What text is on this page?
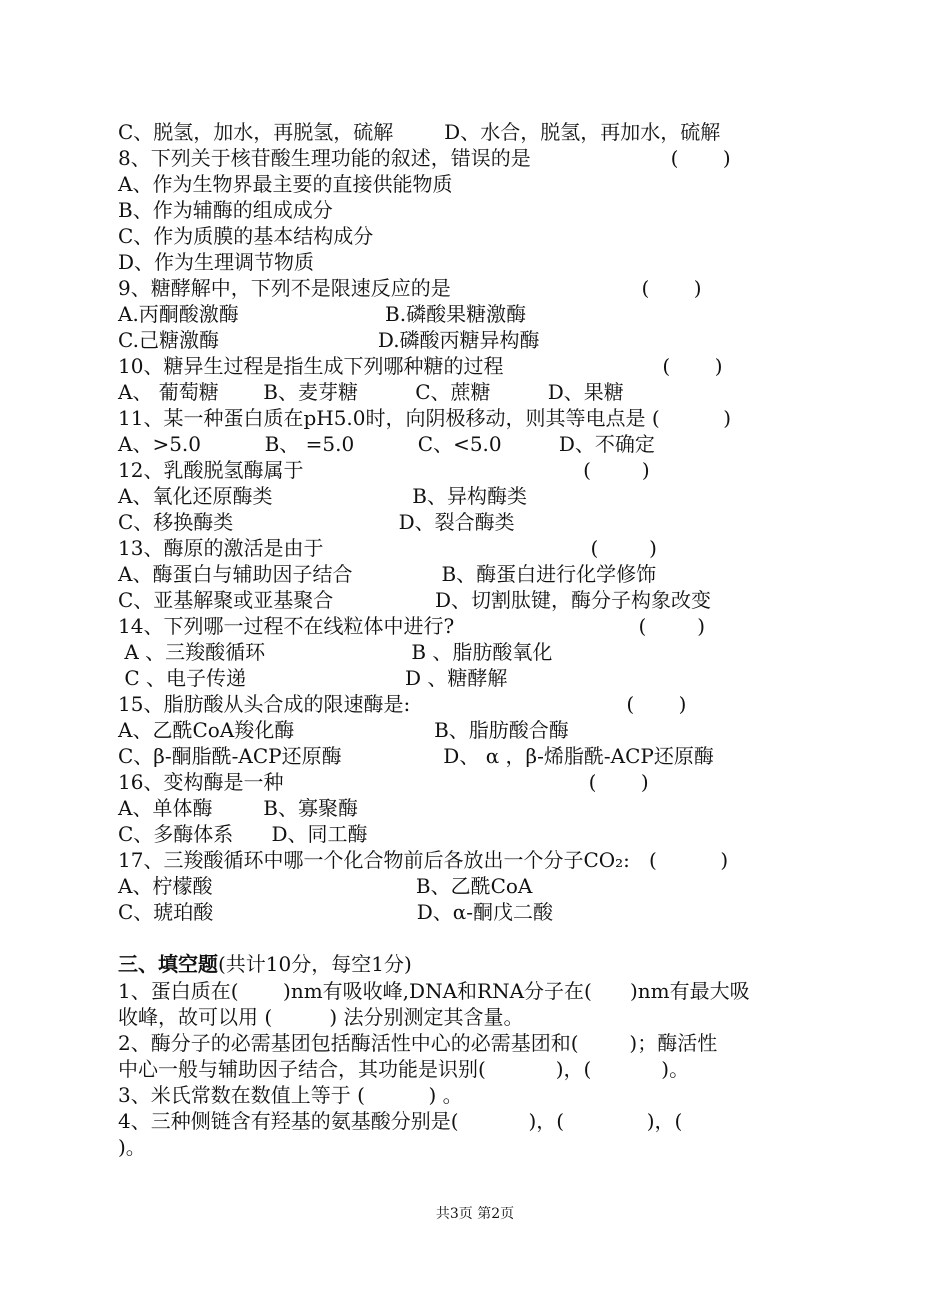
C、脱氢，加水，再脱氢，硫解        D、水合，脱氢，再加水，硫解
8、下列关于核苷酸生理功能的叙述，错误的是                      (       )
A、作为生物界最主要的直接供能物质
B、作为辅酶的组成成分
C、作为质膜的基本结构成分
D、作为生理调节物质
9、糖酵解中，下列不是限速反应的是                              (       )
A.丙酮酸激酶                       B.磷酸果糖激酶
C.己糖激酶                         D.磷酸丙糖异构酶
10、糖异生过程是指生成下列哪种糖的过程                         (       )
A、 葡萄糖       B、麦芽糖         C、蔗糖         D、果糖
11、某一种蛋白质在pH5.0时，向阴极移动，则其等电点是 (          )
A、>5.0          B、 =5.0          C、<5.0         D、不确定
12、乳酸脱氢酶属于                                            (        )
A、氧化还原酶类                      B、异构酶类
C、移换酶类                          D、裂合酶类
13、酶原的激活是由于                                          (        )
A、酶蛋白与辅助因子结合              B、酶蛋白进行化学修饰
C、亚基解聚或亚基聚合                D、切割肽键，酶分子构象改变
14、下列哪一过程不在线粒体中进行?                             (        )
A 、三羧酸循环                       B 、脂肪酸氧化
C 、电子传递                         D 、糖酵解
15、脂肪酸从头合成的限速酶是:                                  (       )
A、乙酰CoA羧化酶                      B、脂肪酸合酶
C、β-酮脂酰-ACP还原酶                D、 α ，β-烯脂酰-ACP还原酶
16、变构酶是一种                                                (       )
A、单体酶        B、寡聚酶
C、多酶体系      D、同工酶
17、三羧酸循环中哪一个化合物前后各放出一个分子CO₂:   (          )
A、柠檬酸                                B、乙酰CoA
C、琥珀酸                                D、α-酮戊二酸
三、填空题(共计10分，每空1分)
1、蛋白质在(       )nm有吸收峰,DNA和RNA分子在(      )nm有最大吸
收峰，故可以用 (         ) 法分别测定其含量。
2、酶分子的必需基团包括酶活性中心的必需基团和(        )；酶活性
中心一般与辅助因子结合，其功能是识别(           )，(           )。
3、米氏常数在数值上等于 (          ) 。
4、三种侧链含有羟基的氨基酸分别是(           )，(             )，(
)。
共3页 第2页
